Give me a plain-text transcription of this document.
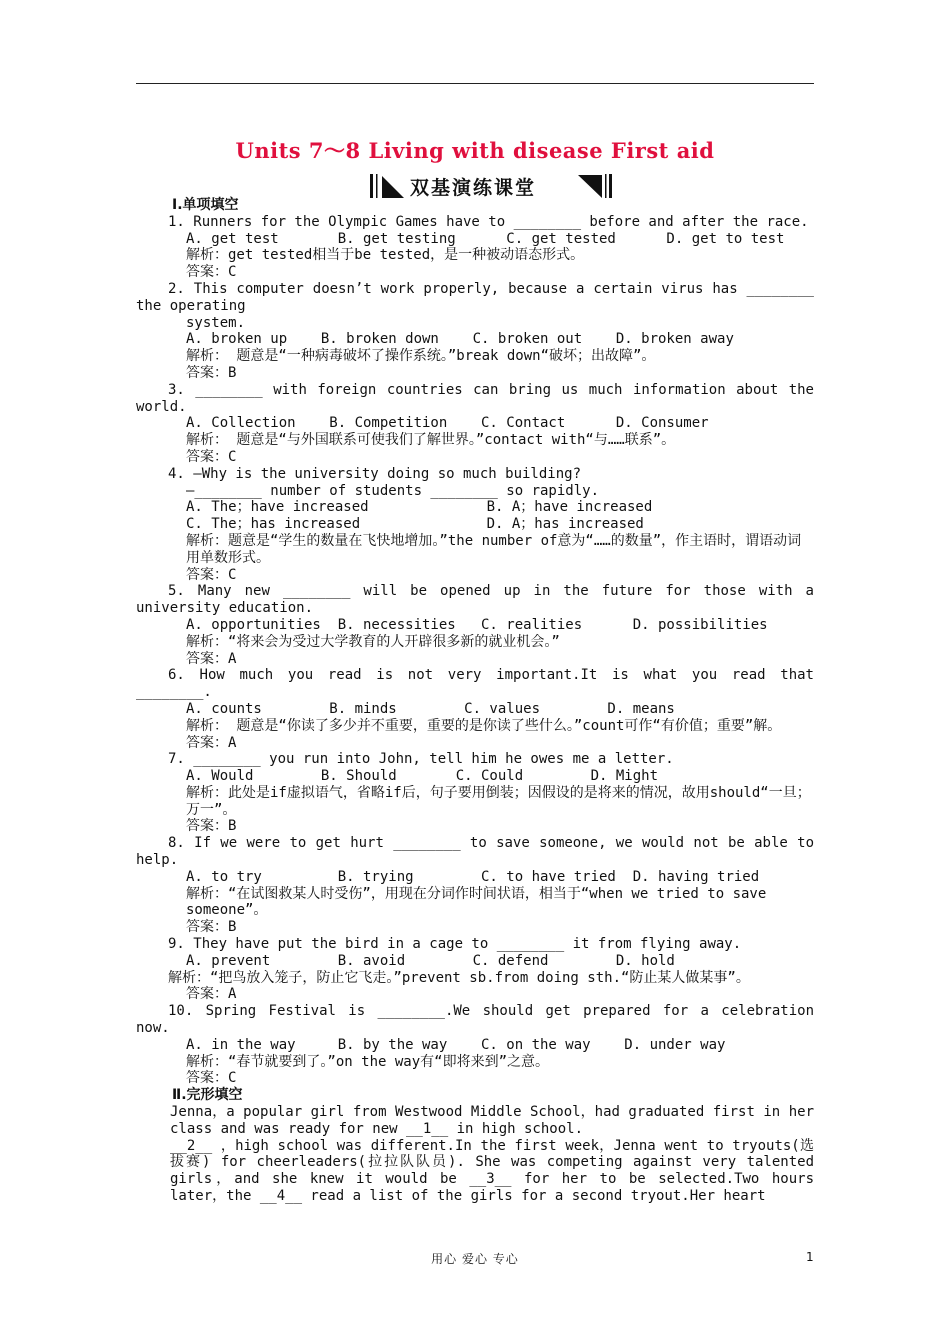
Units 7～8 Living with disease First aid
双基演练课堂
Ⅰ.单项填空
1. Runners for the Olympic Games have to ________ before and after the race.
A. get test       B. get testing      C. get tested      D. get to test
解析：get tested相当于be tested，是一种被动语态形式。
答案：C
2. This computer doesn’t work properly, because a certain virus has ________ the operating
system.
A. broken up    B. broken down    C. broken out    D. broken away
解析： 题意是“一种病毒破坏了操作系统。”break down“破坏；出故障”。
答案：B
3. ________ with foreign countries can bring us much information about the world.
A. Collection    B. Competition    C. Contact      D. Consumer
解析： 题意是“与外国联系可使我们了解世界。”contact with“与……联系”。
答案：C
4. —Why is the university doing so much building?
—________ number of students ________ so rapidly.
A. The；have increased              B. A；have increased
C. The；has increased               D. A；has increased
解析：题意是“学生的数量在飞快地增加。”the number of意为“……的数量”，作主语时，谓语动词用单数形式。
答案：C
5. Many new ________ will be opened up in the future for those with a university education.
A. opportunities  B. necessities   C. realities      D. possibilities
解析：“将来会为受过大学教育的人开辟很多新的就业机会。”
答案：A
6. How much you read is not very important.It is what you read that ________.
A. counts        B. minds        C. values        D. means
解析： 题意是“你读了多少并不重要，重要的是你读了些什么。”count可作“有价值；重要”解。
答案：A
7. ________ you run into John, tell him he owes me a letter.
A. Would        B. Should       C. Could        D. Might
解析：此处是if虚拟语气，省略if后，句子要用倒装；因假设的是将来的情况，故用should“一旦；万一”。
答案：B
8. If we were to get hurt ________ to save someone, we would not be able to help.
A. to try         B. trying        C. to have tried  D. having tried
解析：“在试图救某人时受伤”，用现在分词作时间状语，相当于“when we tried to save someone”。
答案：B
9. They have put the bird in a cage to ________ it from flying away.
A. prevent        B. avoid        C. defend        D. hold
解析：“把鸟放入笼子，防止它飞走。”prevent sb.from doing sth.“防止某人做某事”。
答案：A
10. Spring Festival is ________.We should get prepared for a celebration now.
A. in the way     B. by the way    C. on the way    D. under way
解析：“春节就要到了。”on the way有“即将来到”之意。
答案：C
Ⅱ.完形填空
Jenna，a popular girl from Westwood Middle School，had graduated first in her class and was ready for new __1__ in high school.
__2__ ，high school was different.In the first week，Jenna went to tryouts(选拔赛) for cheerleaders(拉拉队队员). She was competing against very talented girls，and she knew it would be __3__ for her to be selected.Two hours later，the __4__ read a list of the girls for a second tryout.Her heart
用心 爱心 专心	1
